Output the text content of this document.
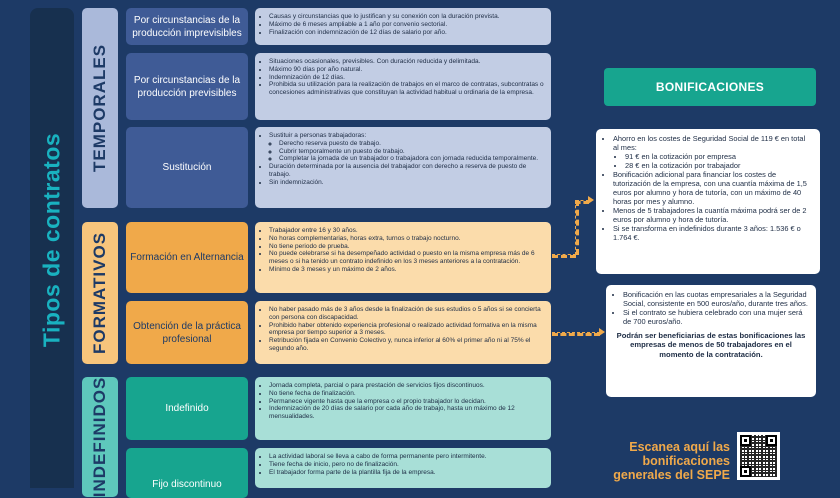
Tipos de contratos
TEMPORALES
FORMATIVOS
INDEFINIDOS
Por circunstancias de la producción imprevisibles
• Causas y circunstancias que lo justifican y su conexión con la duración prevista.
• Máximo de 6 meses ampliable a 1 año por convenio sectorial.
• Finalización con indemnización de 12 días de salario por año.
Por circunstancias de la producción previsibles
• Situaciones ocasionales, previsibles. Con duración reducida y delimitada.
• Máximo 90 días por año natural.
• Indemnización de 12 días.
• Prohibida su utilización para la realización de trabajos en el marco de contratas, subcontratas o concesiones administrativas que constituyan la actividad habitual u ordinaria de la empresa.
Sustitución
• Sustituir a personas trabajadoras:
◦ Derecho reserva puesto de trabajo.
◦ Cubrir temporalmente un puesto de trabajo.
◦ Completar la jornada de un trabajador o trabajadora con jornada reducida temporalmente.
• Duración determinada por la ausencia del trabajador con derecho a reserva de puesto de trabajo.
• Sin indemnización.
Formación en Alternancia
• Trabajador entre 16 y 30 años.
• No horas complementarias, horas extra, turnos o trabajo nocturno.
• No tiene periodo de prueba.
• No puede celebrarse si ha desempeñado actividad o puesto en la misma empresa más de 6 meses o si ha tenido un contrato indefinido en los 3 meses anteriores a la contratación.
• Mínimo de 3 meses y un máximo de 2 años.
Obtención de la práctica profesional
• No haber pasado más de 3 años desde la finalización de sus estudios o 5 años si se concierta con persona con discapacidad.
• Prohibido haber obtenido experiencia profesional o realizado actividad formativa en la misma empresa por tiempo superior a 3 meses.
• Retribución fijada en Convenio Colectivo y, nunca inferior al 60% el primer año ni al 75% el segundo año.
Indefinido
• Jornada completa, parcial o para prestación de servicios fijos discontinuos.
• No tiene fecha de finalización.
• Permanece vigente hasta que la empresa o el propio trabajador lo decidan.
• Indemnización de 20 días de salario por cada año de trabajo, hasta un máximo de 12 mensualidades.
Fijo discontinuo
• La actividad laboral se lleva a cabo de forma permanente pero intermitente.
• Tiene fecha de inicio, pero no de finalización.
• El trabajador forma parte de la plantilla fija de la empresa.
BONIFICACIONES
• Ahorro en los costes de Seguridad Social de 119 € en total al mes:
• 91 € en la cotización por empresa
• 28 € en la cotización por trabajador
• Bonificación adicional para financiar los costes de tutorización de la empresa, con una cuantía máxima de 1,5 euros por alumno y hora de tutoría, con un máximo de 40 horas por mes y alumno.
• Menos de 5 trabajadores la cuantía máxima podrá ser de 2 euros por alumno y hora de tutoría.
• Si se transforma en indefinidos durante 3 años: 1.536 € o 1.764 €.
• Bonificación en las cuotas empresariales a la Seguridad Social, consistente en 500 euros/año, durante tres años.
• Si el contrato se hubiera celebrado con una mujer será de 700 euros/año.
Podrán ser beneficiarias de estas bonificaciones las empresas de menos de 50 trabajadores en el momento de la contratación.
Escanea aquí las bonificaciones generales del SEPE
